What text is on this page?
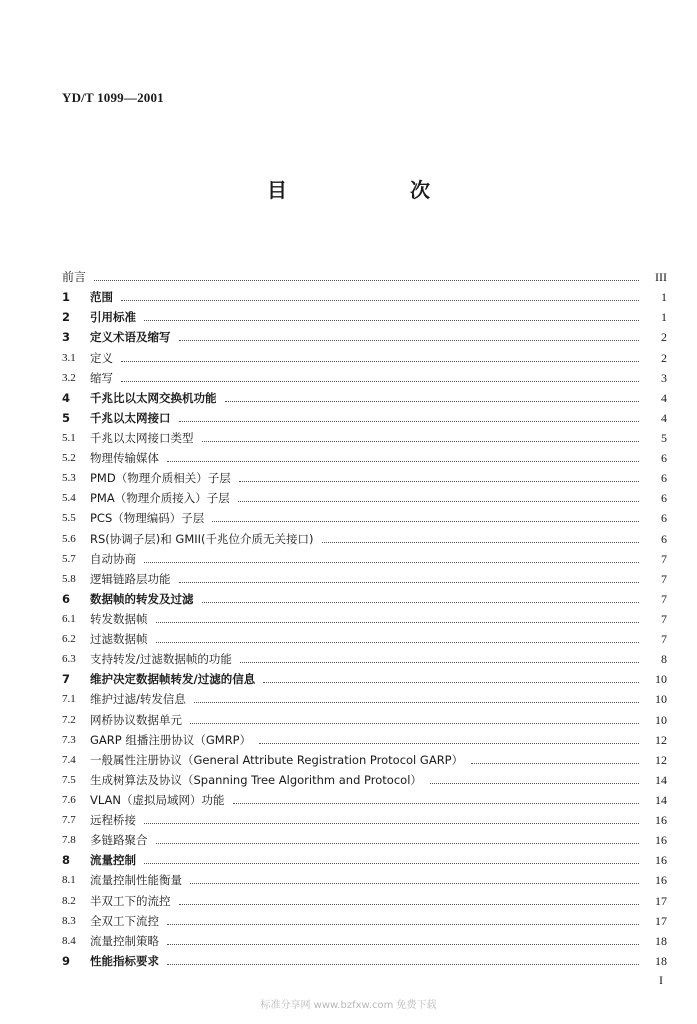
YD/T 1099—2001
目 次
前言	III
1	范围	1
2	引用标准	1
3	定义术语及缩写	2
3.1	定义	2
3.2	缩写	3
4	千兆比以太网交换机功能	4
5	千兆以太网接口	4
5.1	千兆以太网接口类型	5
5.2	物理传输媒体	6
5.3	PMD（物理介质相关）子层	6
5.4	PMA（物理介质接入）子层	6
5.5	PCS（物理编码）子层	6
5.6	RS(协调子层)和 GMII(千兆位介质无关接口)	6
5.7	自动协商	7
5.8	逻辑链路层功能	7
6	数据帧的转发及过滤	7
6.1	转发数据帧	7
6.2	过滤数据帧	7
6.3	支持转发/过滤数据帧的功能	8
7	维护决定数据帧转发/过滤的信息	10
7.1	维护过滤/转发信息	10
7.2	网桥协议数据单元	10
7.3	GARP 组播注册协议（GMRP）	12
7.4	一般属性注册协议（General Attribute Registration Protocol GARP）	12
7.5	生成树算法及协议（Spanning Tree Algorithm and Protocol）	14
7.6	VLAN（虚拟局域网）功能	14
7.7	远程桥接	16
7.8	多链路聚合	16
8	流量控制	16
8.1	流量控制性能衡量	16
8.2	半双工下的流控	17
8.3	全双工下流控	17
8.4	流量控制策略	18
9	性能指标要求	18
I
标准分享网 www.bzfxw.com 免费下载
